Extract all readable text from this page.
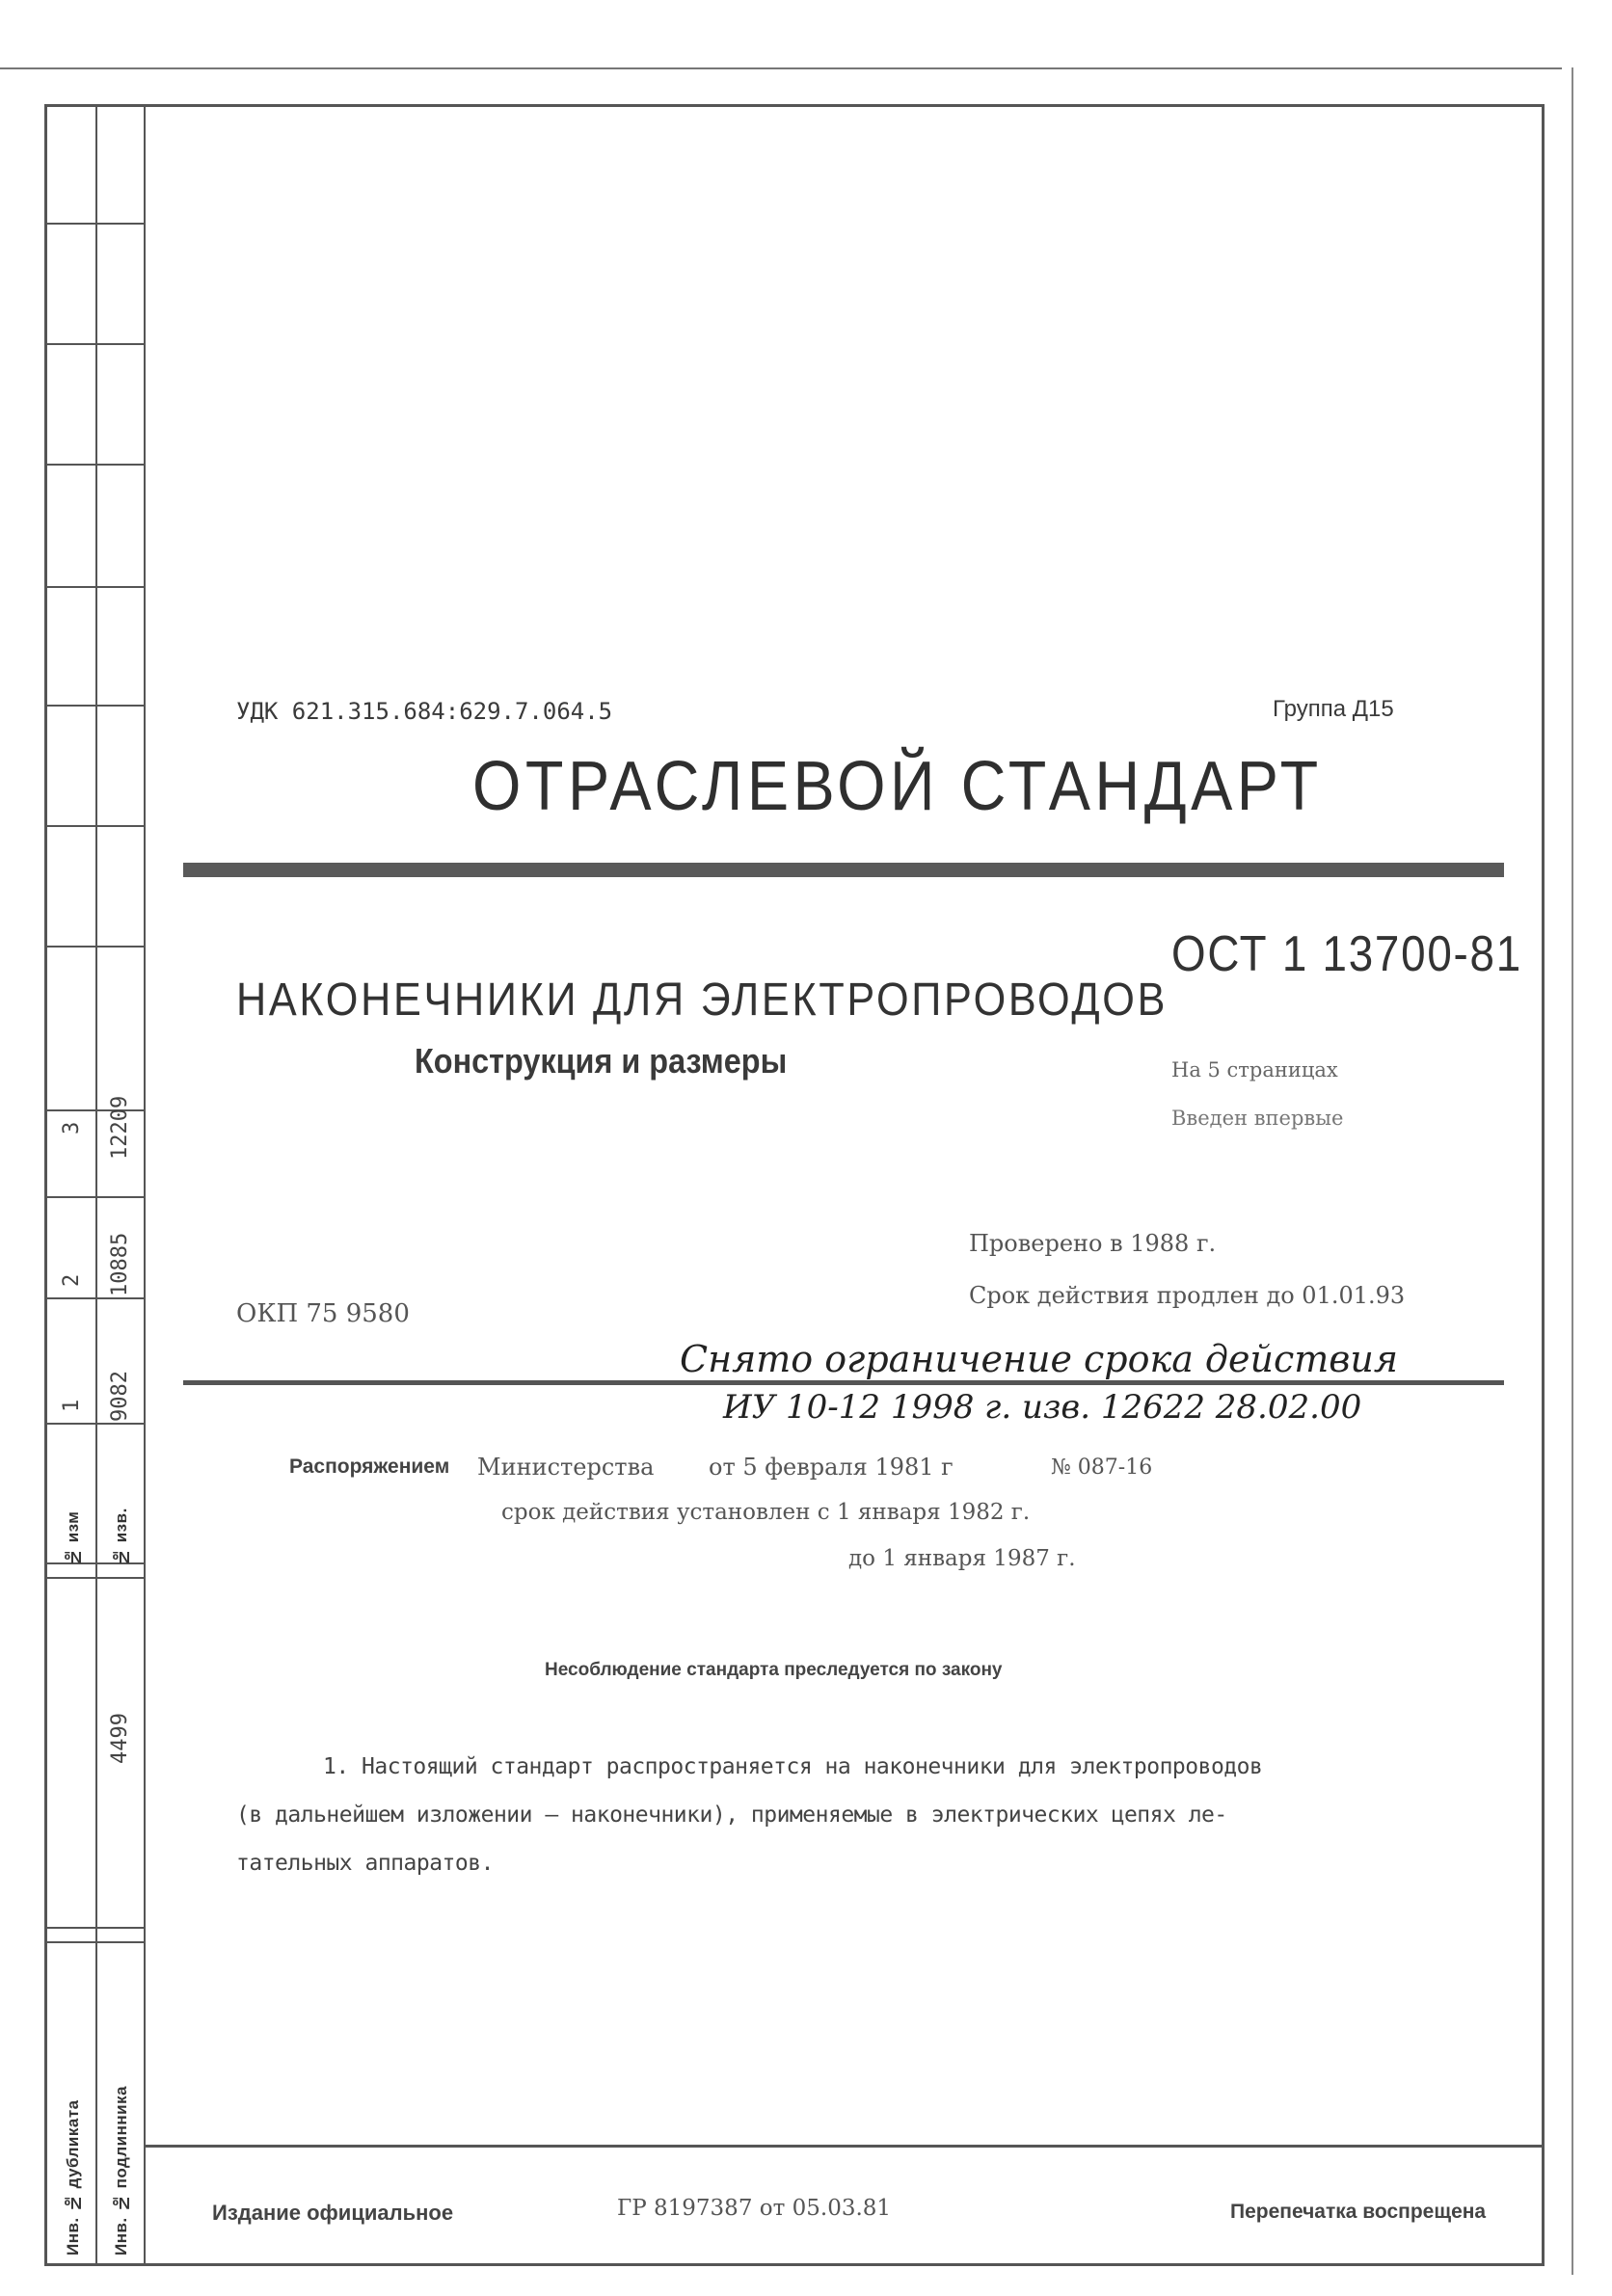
3 12209
2 10885
1 9082
№ изм № изв.
4499
Инв. № дубликата Инв. № подлинника
УДК 621.315.684:629.7.064.5	Группа Д15
ОТРАСЛЕВОЙ СТАНДАРТ
ОСТ 1 13700-81
НАКОНЕЧНИКИ ДЛЯ ЭЛЕКТРОПРОВОДОВ
Конструкция и размеры	На 5 страницах
Введен впервые
Проверено в 1988 г.
Срок действия продлен до 01.01.93
ОКП 75 9580
Снято ограничение срока действия
ИУ 10-12 1998 г. изв. 12622 28.02.00
Распоряжением Министерства от 5 февраля 1981 г	№ 087-16
срок действия установлен с 1 января 1982 г.
до 1 января 1987 г.
Несоблюдение стандарта преследуется по закону
1. Настоящий стандарт распространяется на наконечники для электропроводов
(в дальнейшем изложении – наконечники), применяемые в электрических цепях ле-
тательных аппаратов.
Издание официальное	ГР 8197387 от 05.03.81	Перепечатка воспрещена
